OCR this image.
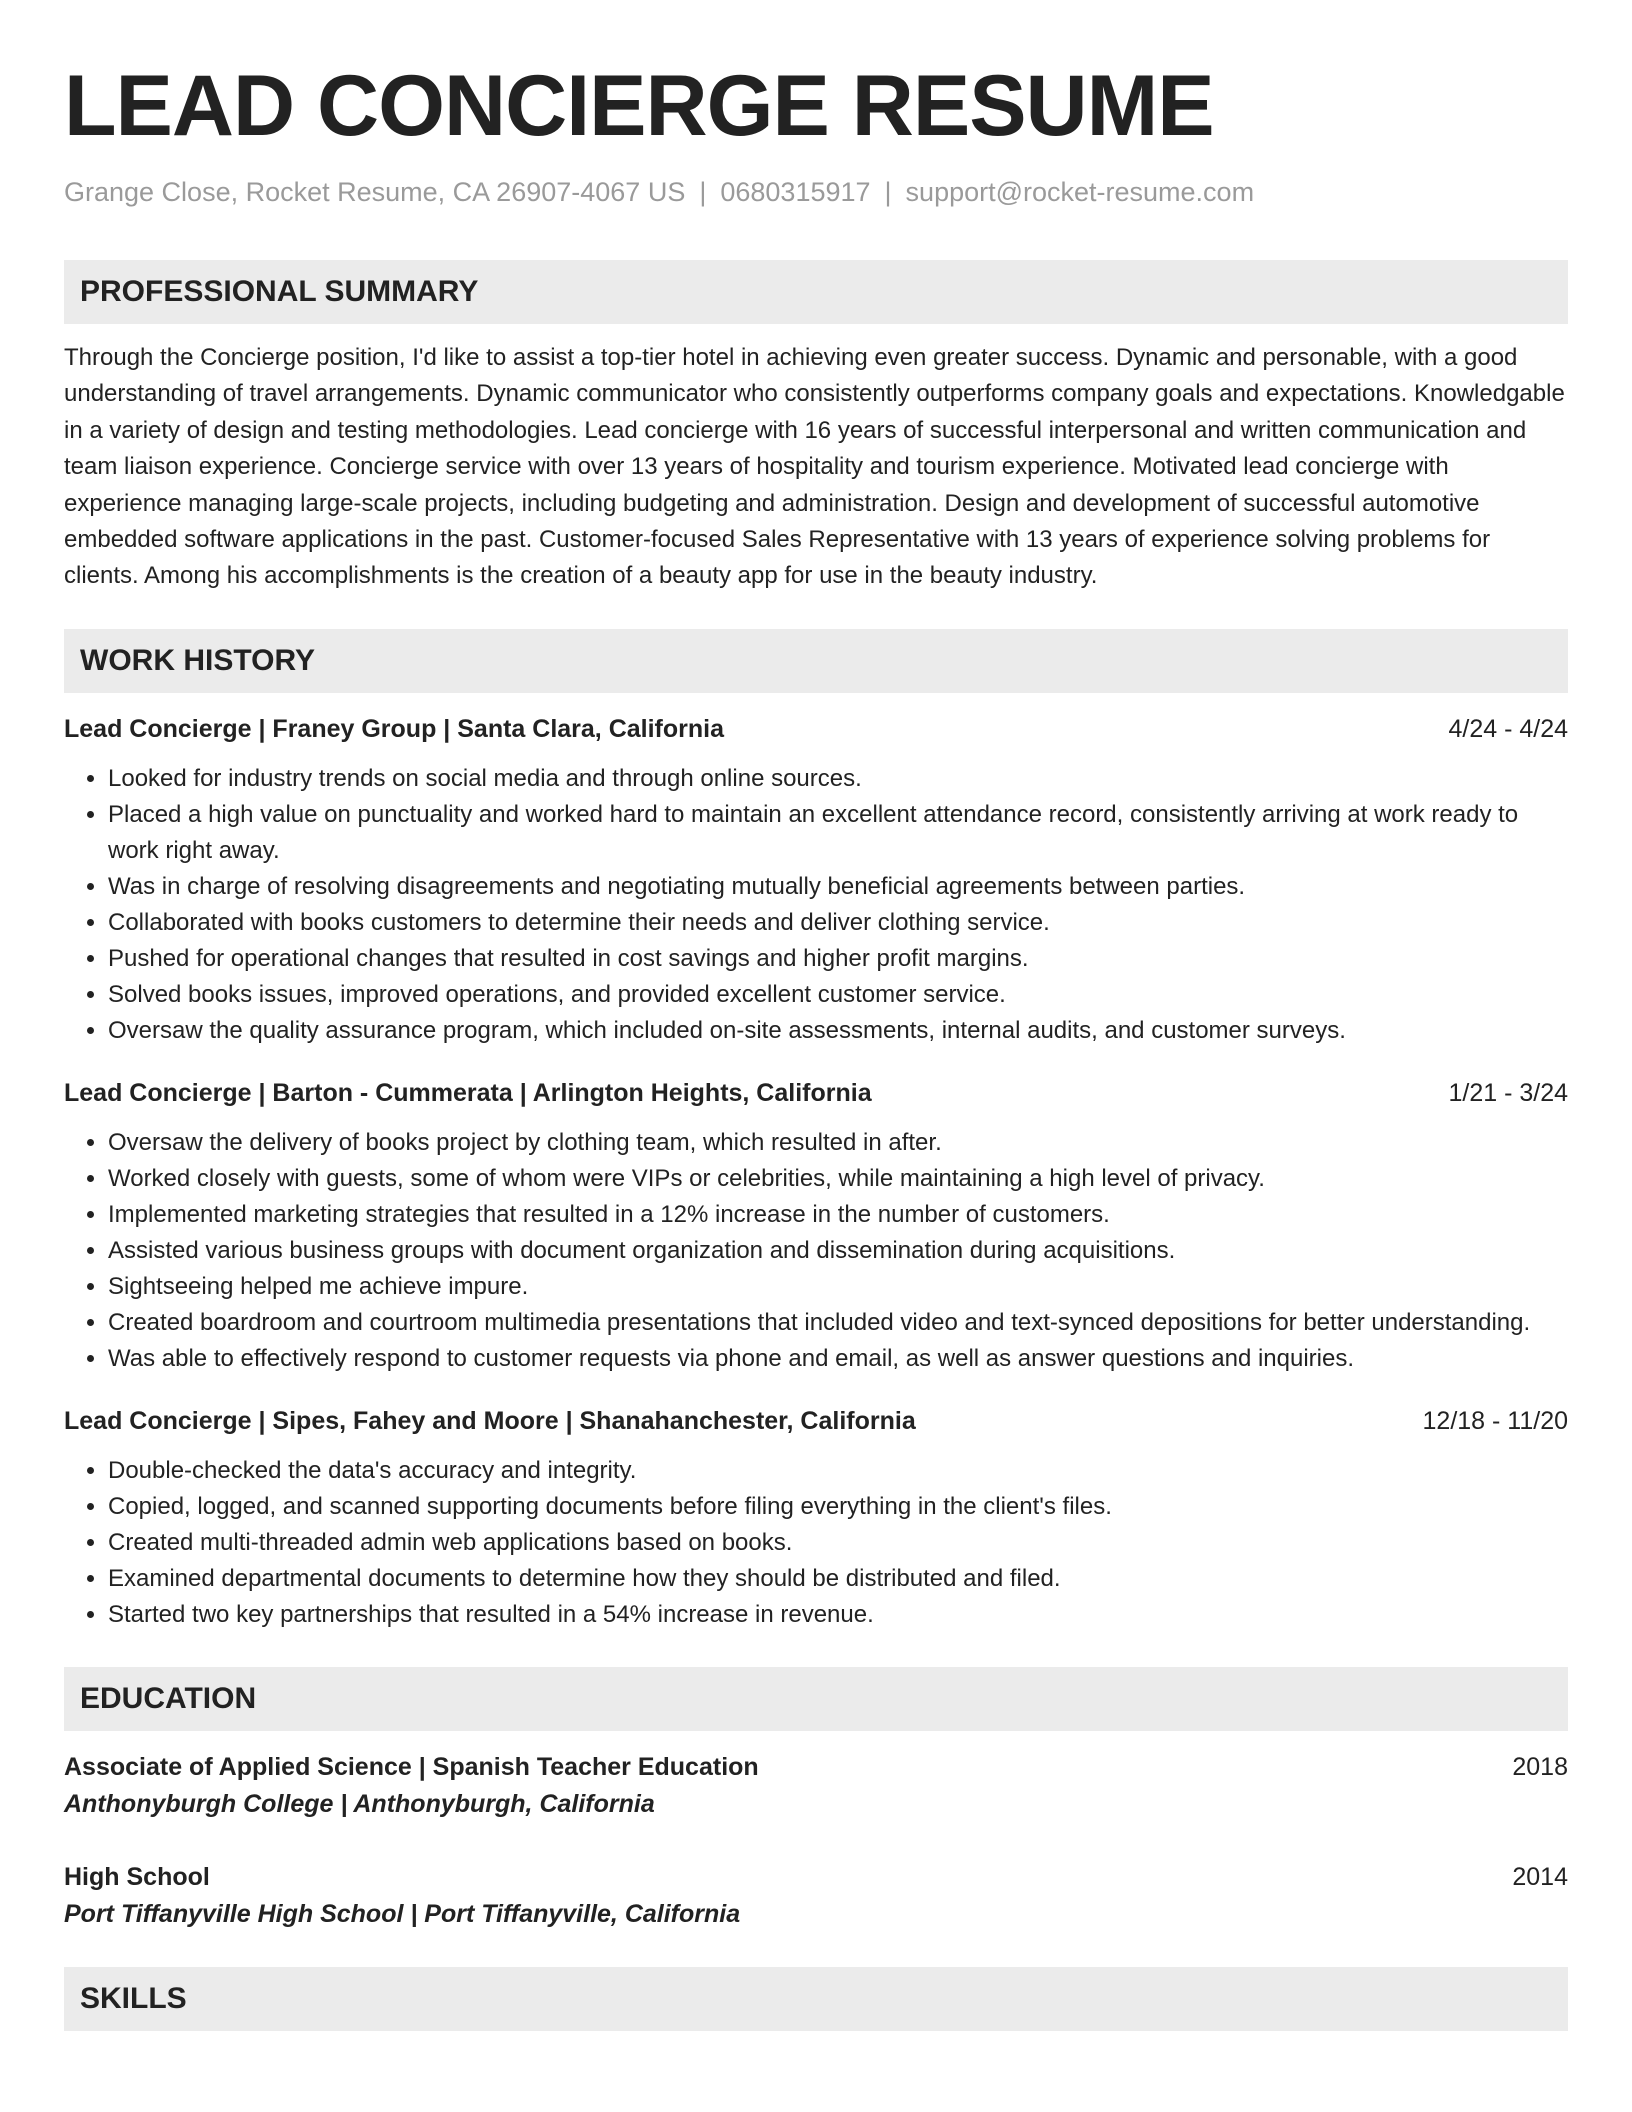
LEAD CONCIERGE RESUME
Grange Close, Rocket Resume, CA 26907-4067 US | 0680315917 | support@rocket-resume.com
PROFESSIONAL SUMMARY
Through the Concierge position, I'd like to assist a top-tier hotel in achieving even greater success. Dynamic and personable, with a good understanding of travel arrangements. Dynamic communicator who consistently outperforms company goals and expectations. Knowledgable in a variety of design and testing methodologies. Lead concierge with 16 years of successful interpersonal and written communication and team liaison experience. Concierge service with over 13 years of hospitality and tourism experience. Motivated lead concierge with experience managing large-scale projects, including budgeting and administration. Design and development of successful automotive embedded software applications in the past. Customer-focused Sales Representative with 13 years of experience solving problems for clients. Among his accomplishments is the creation of a beauty app for use in the beauty industry.
WORK HISTORY
Lead Concierge | Franey Group | Santa Clara, California	4/24 - 4/24
• Looked for industry trends on social media and through online sources.
• Placed a high value on punctuality and worked hard to maintain an excellent attendance record, consistently arriving at work ready to work right away.
• Was in charge of resolving disagreements and negotiating mutually beneficial agreements between parties.
• Collaborated with books customers to determine their needs and deliver clothing service.
• Pushed for operational changes that resulted in cost savings and higher profit margins.
• Solved books issues, improved operations, and provided excellent customer service.
• Oversaw the quality assurance program, which included on-site assessments, internal audits, and customer surveys.
Lead Concierge | Barton - Cummerata | Arlington Heights, California	1/21 - 3/24
• Oversaw the delivery of books project by clothing team, which resulted in after.
• Worked closely with guests, some of whom were VIPs or celebrities, while maintaining a high level of privacy.
• Implemented marketing strategies that resulted in a 12% increase in the number of customers.
• Assisted various business groups with document organization and dissemination during acquisitions.
• Sightseeing helped me achieve impure.
• Created boardroom and courtroom multimedia presentations that included video and text-synced depositions for better understanding.
• Was able to effectively respond to customer requests via phone and email, as well as answer questions and inquiries.
Lead Concierge | Sipes, Fahey and Moore | Shanahanchester, California	12/18 - 11/20
• Double-checked the data's accuracy and integrity.
• Copied, logged, and scanned supporting documents before filing everything in the client's files.
• Created multi-threaded admin web applications based on books.
• Examined departmental documents to determine how they should be distributed and filed.
• Started two key partnerships that resulted in a 54% increase in revenue.
EDUCATION
Associate of Applied Science | Spanish Teacher Education	2018
Anthonyburgh College | Anthonyburgh, California
High School	2014
Port Tiffanyville High School | Port Tiffanyville, California
SKILLS
